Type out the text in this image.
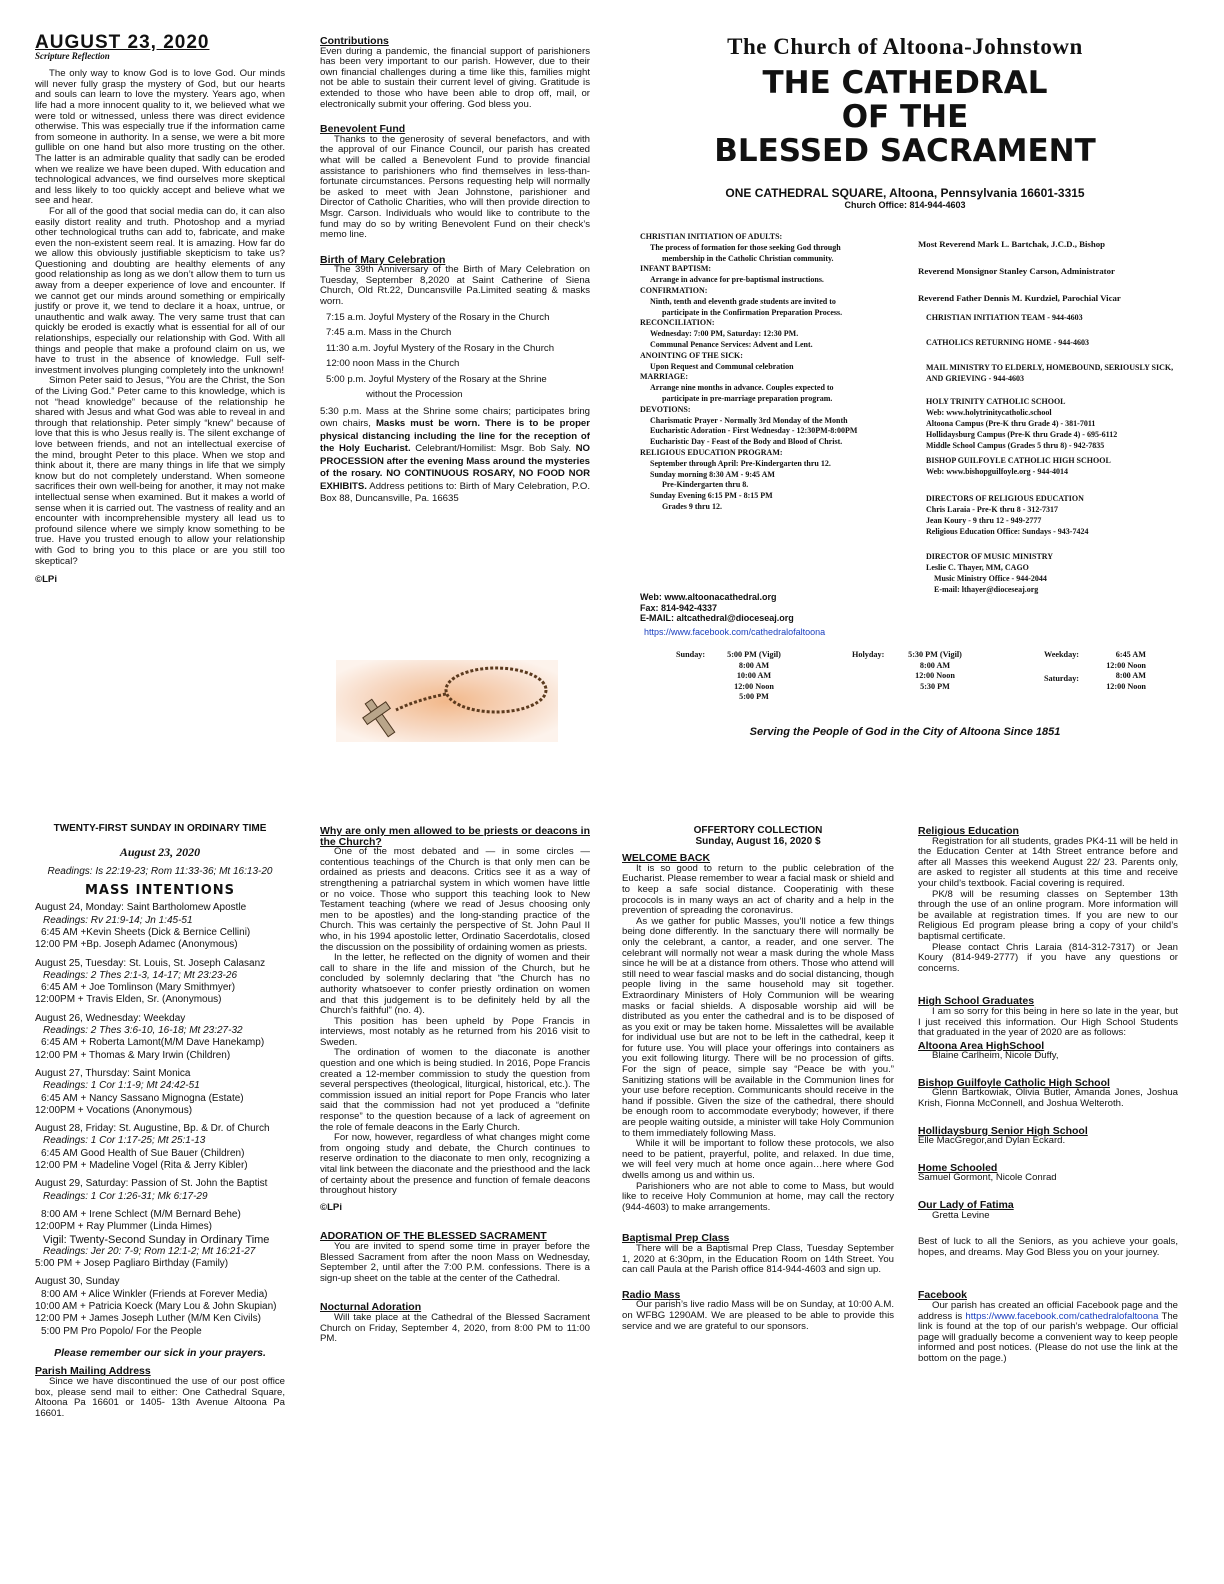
AUGUST 23, 2020

Scripture Reflection

The only way to know God is to love God. Our minds will never fully grasp the mystery of God, but our hearts and souls can learn to love the mystery. Years ago, when life had a more innocent quality to it, we believed what we were told or witnessed, unless there was direct evidence otherwise. This was especially true if the information came from someone in authority. In a sense, we were a bit more gullible on one hand but also more trusting on the other. The latter is an admirable quality that sadly can be eroded when we realize we have been duped. With education and technological advances, we find ourselves more skeptical and less likely to too quickly accept and believe what we see and hear.

For all of the good that social media can do, it can also easily distort reality and truth. Photoshop and a myriad other technological truths can add to, fabricate, and make even the non-existent seem real. It is amazing. How far do we allow this obviously justifiable skepticism to take us? Questioning and doubting are healthy elements of any good relationship as long as we don’t allow them to turn us away from a deeper experience of love and encounter. If we cannot get our minds around something or empirically justify or prove it, we tend to declare it a hoax, untrue, or unauthentic and walk away. The very same trust that can quickly be eroded is exactly what is essential for all of our relationships, especially our relationship with God. With all things and people that make a profound claim on us, we have to trust in the absence of knowledge. Full self-investment involves plunging completely into the unknown!

Simon Peter said to Jesus, “You are the Christ, the Son of the Living God.” Peter came to this knowledge, which is not “head knowledge” because of the relationship he shared with Jesus and what God was able to reveal in and through that relationship. Peter simply “knew” because of love that this is who Jesus really is. The silent exchange of love between friends, and not an intellectual exercise of the mind, brought Peter to this place. When we stop and think about it, there are many things in life that we simply know but do not completely understand. When someone sacrifices their own well-being for another, it may not make intellectual sense when examined. But it makes a world of sense when it is carried out. The vastness of reality and an encounter with incomprehensible mystery all lead us to profound silence where we simply know something to be true. Have you trusted enough to allow your relationship with God to bring you to this place or are you still too skeptical?

©LPi

Contributions

Even during a pandemic, the financial support of parishioners has been very important to our parish. However, due to their own financial challenges during a time like this, families might not be able to sustain their current level of giving. Gratitude is extended to those who have been able to drop off, mail, or electronically submit your offering. God bless you.

Benevolent Fund

Thanks to the generosity of several benefactors, and with the approval of our Finance Council, our parish has created what will be called a Benevolent Fund to provide financial assistance to parishioners who find themselves in less-than-fortunate circumstances. Persons requesting help will normally be asked to meet with Jean Johnstone, parishioner and Director of Catholic Charities, who will then provide direction to Msgr. Carson. Individuals who would like to contribute to the fund may do so by writing Benevolent Fund on their check’s memo line.

Birth of Mary Celebration

The 39th Anniversary of the Birth of Mary Celebration on Tuesday, September 8,2020 at Saint Catherine of Siena Church, Old Rt.22, Duncansville Pa.Limited seating & masks worn.

7:15 a.m. Joyful Mystery of the Rosary in the Church
7:45 a.m. Mass in the Church
11:30 a.m. Joyful Mystery of the Rosary in the Church
12:00 noon Mass in the Church
5:00 p.m. Joyful Mystery of the Rosary at the Shrine
without the Procession

5:30 p.m. Mass at the Shrine some chairs; participates bring own chairs, Masks must be worn. There is to be proper physical distancing including the line for the reception of the Holy Eucharist. Celebrant/Homilist: Msgr. Bob Saly. NO PROCESSION after the evening Mass around the mysteries of the rosary. NO CONTINUOUS ROSARY, NO FOOD NOR EXHIBITS. Address petitions to: Birth of Mary Celebration, P.O. Box 88, Duncansville, Pa. 16635

The Church of Altoona-Johnstown
THE CATHEDRAL
OF THE
BLESSED SACRAMENT
ONE CATHEDRAL SQUARE, Altoona, Pennsylvania 16601-3315
Church Office: 814-944-4603
CHRISTIAN INITIATION OF ADULTS:
The process of formation for those seeking God through
membership in the Catholic Christian community.
INFANT BAPTISM:
Arrange in advance for pre-baptismal instructions.
CONFIRMATION:
Ninth, tenth and eleventh grade students are invited to
participate in the Confirmation Preparation Process.
RECONCILIATION:
Wednesday: 7:00 PM, Saturday: 12:30 PM.
Communal Penance Services: Advent and Lent.
ANOINTING OF THE SICK:
Upon Request and Communal celebration
MARRIAGE:
Arrange nine months in advance. Couples expected to
participate in pre-marriage preparation program.
DEVOTIONS:
Charismatic Prayer - Normally 3rd Monday of the Month
Eucharistic Adoration - First Wednesday - 12:30PM-8:00PM
Eucharistic Day - Feast of the Body and Blood of Christ.
RELIGIOUS EDUCATION PROGRAM:
September through April: Pre-Kindergarten thru 12.
Sunday morning 8:30 AM - 9:45 AM
Pre-Kindergarten thru 8.
Sunday Evening 6:15 PM - 8:15 PM
Grades 9 thru 12.
Web: www.altoonacathedral.org
Fax: 814-942-4337
E-MAIL: altcathedral@dioceseaj.org
https://www.facebook.com/cathedralofaltoona
Most Reverend Mark L. Bartchak, J.C.D., Bishop
Reverend Monsignor Stanley Carson, Administrator
Reverend Father Dennis M. Kurdziel, Parochial Vicar
CHRISTIAN INITIATION TEAM - 944-4603
CATHOLICS RETURNING HOME - 944-4603
MAIL MINISTRY TO ELDERLY, HOMEBOUND, SERIOUSLY SICK, AND GRIEVING - 944-4603
HOLY TRINITY CATHOLIC SCHOOL
Web: www.holytrinitycatholic.school
Altoona Campus (Pre-K thru Grade 4) - 381-7011
Hollidaysburg Campus (Pre-K thru Grade 4) - 695-6112
Middle School Campus (Grades 5 thru 8) - 942-7835
BISHOP GUILFOYLE CATHOLIC HIGH SCHOOL
Web: www.bishopguilfoyle.org - 944-4014
DIRECTORS OF RELIGIOUS EDUCATION
Chris Laraia - Pre-K thru 8 - 312-7317
Jean Koury - 9 thru 12 - 949-2777
Religious Education Office: Sundays - 943-7424
DIRECTOR OF MUSIC MINISTRY
Leslie C. Thayer, MM, CAGO
Music Ministry Office - 944-2044
E-mail: lthayer@dioceseaj.org
Sunday:	5:00 PM (Vigil)
8:00 AM
10:00 AM
12:00 Noon
5:00 PM
Holyday:	5:30 PM (Vigil)
8:00 AM
12:00 Noon
5:30 PM
Weekday:
Saturday:
6:45 AM
12:00 Noon
8:00 AM
12:00 Noon
Serving the People of God in the City of Altoona Since 1851
TWENTY-FIRST SUNDAY IN ORDINARY TIME
August 23, 2020
Readings: Is 22:19-23; Rom 11:33-36; Mt 16:13-20
MASS INTENTIONS
August 24, Monday: Saint Bartholomew Apostle
Readings: Rv 21:9-14; Jn 1:45-51
6:45 AM +Kevin Sheets (Dick & Bernice Cellini)
12:00 PM +Bp. Joseph Adamec (Anonymous)
August 25, Tuesday: St. Louis, St. Joseph Calasanz
Readings: 2 Thes 2:1-3, 14-17; Mt 23:23-26
6:45 AM + Joe Tomlinson (Mary Smithmyer)
12:00PM + Travis Elden, Sr. (Anonymous)
August 26, Wednesday: Weekday
Readings: 2 Thes 3:6-10, 16-18; Mt 23:27-32
6:45 AM + Roberta Lamont(M/M Dave Hanekamp)
12:00 PM + Thomas & Mary Irwin (Children)
August 27, Thursday: Saint Monica
Readings: 1 Cor 1:1-9; Mt 24:42-51
6:45 AM + Nancy Sassano Mignogna (Estate)
12:00PM + Vocations (Anonymous)
August 28, Friday: St. Augustine, Bp. & Dr. of Church
Readings: 1 Cor 1:17-25; Mt 25:1-13
6:45 AM Good Health of Sue Bauer (Children)
12:00 PM + Madeline Vogel (Rita & Jerry Kibler)
August 29, Saturday: Passion of St. John the Baptist
Readings: 1 Cor 1:26-31; Mk 6:17-29
8:00 AM + Irene Schlect (M/M Bernard Behe)
12:00PM + Ray Plummer (Linda Himes)
Vigil: Twenty-Second Sunday in Ordinary Time
Readings: Jer 20: 7-9; Rom 12:1-2; Mt 16:21-27
5:00 PM + Josep Pagliaro Birthday (Family)
August 30, Sunday
8:00 AM + Alice Winkler (Friends at Forever Media)
10:00 AM + Patricia Koeck (Mary Lou & John Skupian)
12:00 PM + James Joseph Luther (M/M Ken Civils)
5:00 PM Pro Popolo/ For the People
Please remember our sick in your prayers.

Parish Mailing Address

Since we have discontinued the use of our post office box, please send mail to either: One Cathedral Square, Altoona Pa 16601 or 1405- 13th Avenue Altoona Pa 16601.

Why are only men allowed to be priests or deacons in the Church?

One of the most debated and — in some circles — contentious teachings of the Church is that only men can be ordained as priests and deacons. Critics see it as a way of strengthening a patriarchal system in which women have little or no voice. Those who support this teaching look to New Testament teaching (where we read of Jesus choosing only men to be apostles) and the long-standing practice of the Church. This was certainly the perspective of St. John Paul II who, in his 1994 apostolic letter, Ordinatio Sacerdotalis, closed the discussion on the possibility of ordaining women as priests.

In the letter, he reflected on the dignity of women and their call to share in the life and mission of the Church, but he concluded by solemnly declaring that “the Church has no authority whatsoever to confer priestly ordination on women and that this judgement is to be definitely held by all the Church’s faithful” (no. 4).

This position has been upheld by Pope Francis in interviews, most notably as he returned from his 2016 visit to Sweden.

The ordination of women to the diaconate is another question and one which is being studied. In 2016, Pope Francis created a 12-member commission to study the question from several perspectives (theological, liturgical, historical, etc.). The commission issued an initial report for Pope Francis who later said that the commission had not yet produced a “definite response” to the question because of a lack of agreement on the role of female deacons in the Early Church.

For now, however, regardless of what changes might come from ongoing study and debate, the Church continues to reserve ordination to the diaconate to men only, recognizing a vital link between the diaconate and the priesthood and the lack of certainty about the presence and function of female deacons throughout history

©LPi

ADORATION OF THE BLESSED SACRAMENT

You are invited to spend some time in prayer before the Blessed Sacrament from after the noon Mass on Wednesday, September 2, until after the 7:00 P.M. confessions. There is a sign-up sheet on the table at the center of the Cathedral.

Nocturnal Adoration

Will take place at the Cathedral of the Blessed Sacrament Church on Friday, September 4, 2020, from 8:00 PM to 11:00 PM.

OFFERTORY COLLECTION
Sunday, August 16, 2020 $

WELCOME BACK

It is so good to return to the public celebration of the Eucharist. Please remember to wear a facial mask or shield and to keep a safe social distance. Cooperatinig with these prococols is in many ways an act of charity and a help in the prevention of spreading the coronavirus.

As we gather for public Masses, you’ll notice a few things being done differently. In the sanctuary there will normally be only the celebrant, a cantor, a reader, and one server. The celebrant will normally not wear a mask during the whole Mass since he will be at a distance from others. Those who attend will still need to wear fascial masks and do social distancing, though people living in the same household may sit together. Extraordinary Ministers of Holy Communion will be wearing masks or facial shields. A disposable worship aid will be distributed as you enter the cathedral and is to be disposed of as you exit or may be taken home. Missalettes will be available for individual use but are not to be left in the cathedral, keep it for future use. You will place your offerings into containers as you exit following liturgy. There will be no procession of gifts. For the sign of peace, simple say “Peace be with you.” Sanitizing stations will be available in the Communion lines for your use before reception. Communicants should receive in the hand if possible. Given the size of the cathedral, there should be enough room to accommodate everybody; however, if there are people waiting outside, a minister will take Holy Communion to them immediately following Mass.

While it will be important to follow these protocols, we also need to be patient, prayerful, polite, and relaxed. In due time, we will feel very much at home once again…here where God dwells among us and within us.

Parishioners who are not able to come to Mass, but would like to receive Holy Communion at home, may call the rectory (944-4603) to make arrangements.

Baptismal Prep Class

There will be a Baptismal Prep Class, Tuesday September 1, 2020 at 6:30pm, in the Education Room on 14th Street. You can call Paula at the Parish office 814-944-4603 and sign up.

Radio Mass

Our parish’s live radio Mass will be on Sunday, at 10:00 A.M. on WFBG 1290AM. We are pleased to be able to provide this service and we are grateful to our sponsors.

Religious Education

Registration for all students, grades PK4-11 will be held in the Education Center at 14th Street entrance before and after all Masses this weekend August 22/ 23. Parents only, are asked to register all students at this time and receive your child’s textbook. Facial covering is required.

PK/8 will be resuming classes on September 13th through the use of an online program. More information will be available at registration times. If you are new to our Religious Ed program please bring a copy of your child’s baptismal certificate.

Please contact Chris Laraia (814-312-7317) or Jean Koury (814-949-2777) if you have any questions or concerns.

High School Graduates

I am so sorry for this being in here so late in the year, but I just received this information. Our High School Students that graduated in the year of 2020 are as follows:

Altoona Area HighSchool

Blaine Carlheim, Nicole Duffy,

Bishop Guilfoyle Catholic High School

Glenn Bartkowiak, Olivia Butler, Amanda Jones, Joshua Krish, Fionna McConnell, and Joshua Welteroth.

Hollidaysburg Senior High School

Elle MacGregor,and Dylan Eckard.

Home Schooled

Samuel Gormont, Nicole Conrad

Our Lady of Fatima

Gretta Levine

Best of luck to all the Seniors, as you achieve your goals, hopes, and dreams. May God Bless you on your journey.

Facebook

Our parish has created an official Facebook page and the address is https://www.facebook.com/cathedralofaltoona The link is found at the top of our parish’s webpage. Our official page will gradually become a convenient way to keep people informed and post notices. (Please do not use the link at the bottom on the page.)
